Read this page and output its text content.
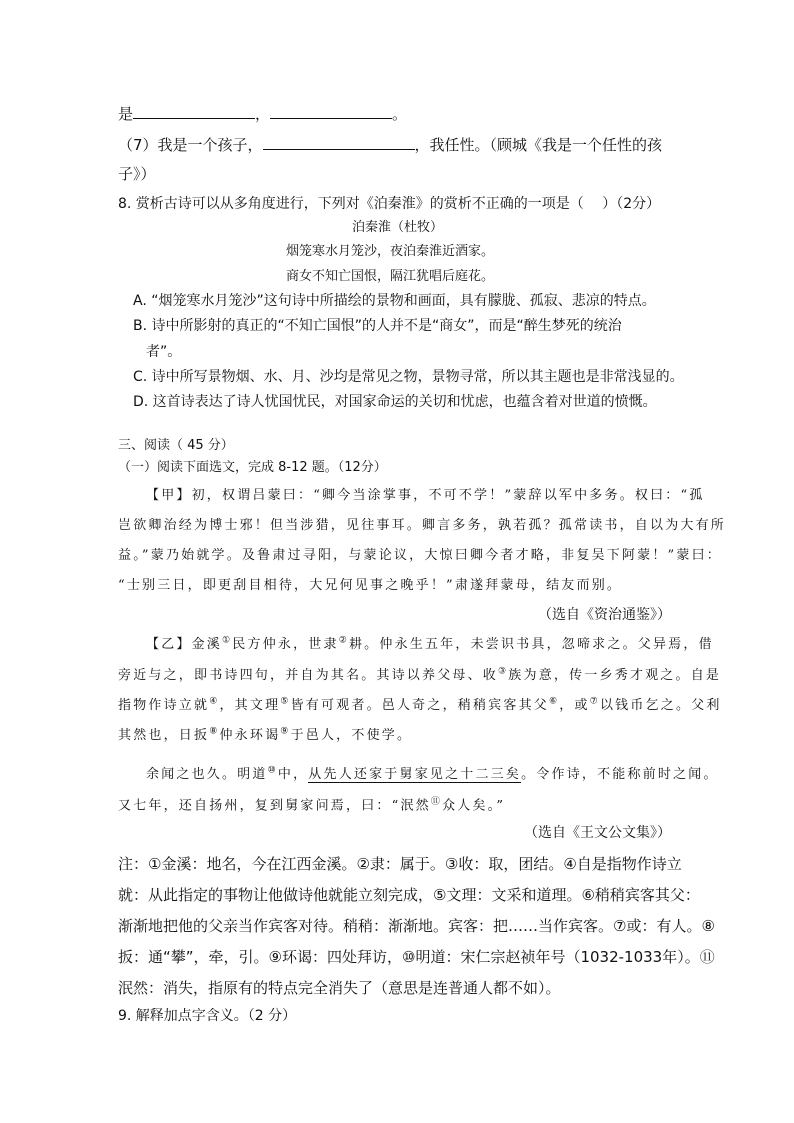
是	，	。
（7）我是一个孩子，	，我任性。（顾城《我是一个任性的孩
子》）
8. 赏析古诗可以从多角度进行，下列对《泊秦淮》的赏析不正确的一项是（　 ）（2分）
泊秦淮（杜牧）
烟笼寒水月笼沙，夜泊秦淮近酒家。
商女不知亡国恨，隔江犹唱后庭花。
A. “烟笼寒水月笼沙”这句诗中所描绘的景物和画面，具有朦胧、孤寂、悲凉的特点。
B. 诗中所影射的真正的“不知亡国恨”的人并不是“商女”，而是“醉生梦死的统治
者”。
C. 诗中所写景物烟、水、月、沙均是常见之物，景物寻常，所以其主题也是非常浅显的。
D. 这首诗表达了诗人忧国忧民，对国家命运的关切和忧虑，也蕴含着对世道的愤慨。
三、阅读（ 45 分）
（一）阅读下面选文，完成 8-12 题。（12分）
【甲】初，权谓吕蒙曰：“卿今当涂掌事，不可不学！”蒙辞以军中多务。权曰：“孤
岂欲卿治经为博士邪！但当涉猎，见往事耳。卿言多务，孰若孤？孤常读书，自以为大有所
益。”蒙乃始就学。及鲁肃过寻阳，与蒙论议，大惊曰卿今者才略，非复吴下阿蒙！”蒙曰：
“士别三日，即更刮目相待，大兄何见事之晚乎！”肃遂拜蒙母，结友而别。
（选自《资治通鉴》）
【乙】金溪①民方仲永，世隶②耕。仲永生五年，未尝识书具，忽啼求之。父异焉，借
旁近与之，即书诗四句，并自为其名。其诗以养父母、收③族为意，传一乡秀才观之。自是
指物作诗立就④，其文理⑤皆有可观者。邑人奇之，稍稍宾客其父⑥，或⑦以钱币乞之。父利
其然也，日扳⑧仲永环谒⑨于邑人，不使学。
余闻之也久。明道⑩中，从先人还家于舅家见之十二三矣。令作诗，不能称前时之闻。
又七年，还自扬州，复到舅家问焉，曰：“泯然⑪众人矣。”
（选自《王文公文集》）
注：①金溪：地名，今在江西金溪。②隶：属于。③收：取，团结。④自是指物作诗立
就：从此指定的事物让他做诗他就能立刻完成，⑤文理：文采和道理。⑥稍稍宾客其父：
渐渐地把他的父亲当作宾客对待。稍稍：渐渐地。宾客：把……当作宾客。⑦或：有人。⑧
扳：通“攀”，牵，引。⑨环谒：四处拜访，⑩明道：宋仁宗赵祯年号（1032-1033年）。⑪
泯然：消失，指原有的特点完全消失了（意思是连普通人都不如）。
9. 解释加点字含义。（2 分）
